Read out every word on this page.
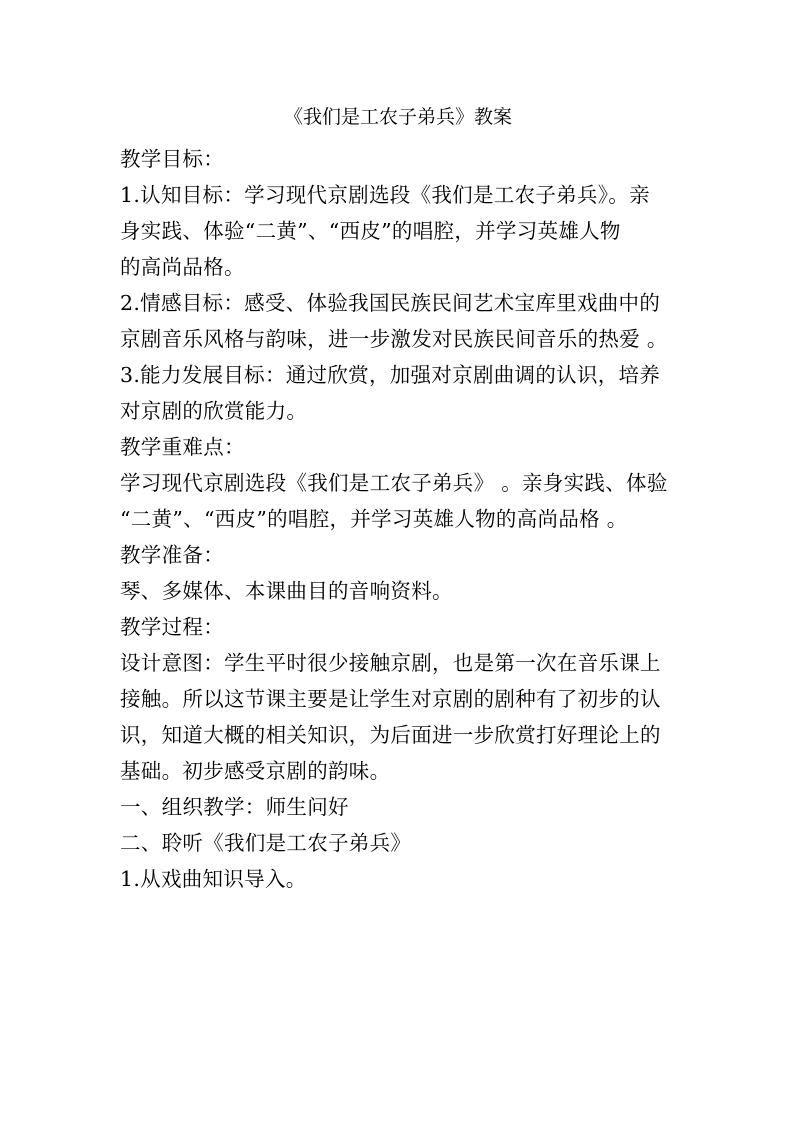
《我们是工农子弟兵》教案
教学目标：
1.认知目标：学习现代京剧选段《我们是工农子弟兵》。亲
身实践、体验“二黄”、“西皮”的唱腔，并学习英雄人物
的高尚品格。
2.情感目标：感受、体验我国民族民间艺术宝库里戏曲中的
京剧音乐风格与韵味，进一步激发对民族民间音乐的热爱 。
3.能力发展目标：通过欣赏，加强对京剧曲调的认识，培养
对京剧的欣赏能力。
教学重难点：
学习现代京剧选段《我们是工农子弟兵》 。亲身实践、体验
“二黄”、“西皮”的唱腔，并学习英雄人物的高尚品格 。
教学准备：
琴、多媒体、本课曲目的音响资料。
教学过程：
设计意图：学生平时很少接触京剧，也是第一次在音乐课上
接触。所以这节课主要是让学生对京剧的剧种有了初步的认
识，知道大概的相关知识，为后面进一步欣赏打好理论上的
基础。初步感受京剧的韵味。
一、组织教学：师生问好
二、聆听《我们是工农子弟兵》
1.从戏曲知识导入。
